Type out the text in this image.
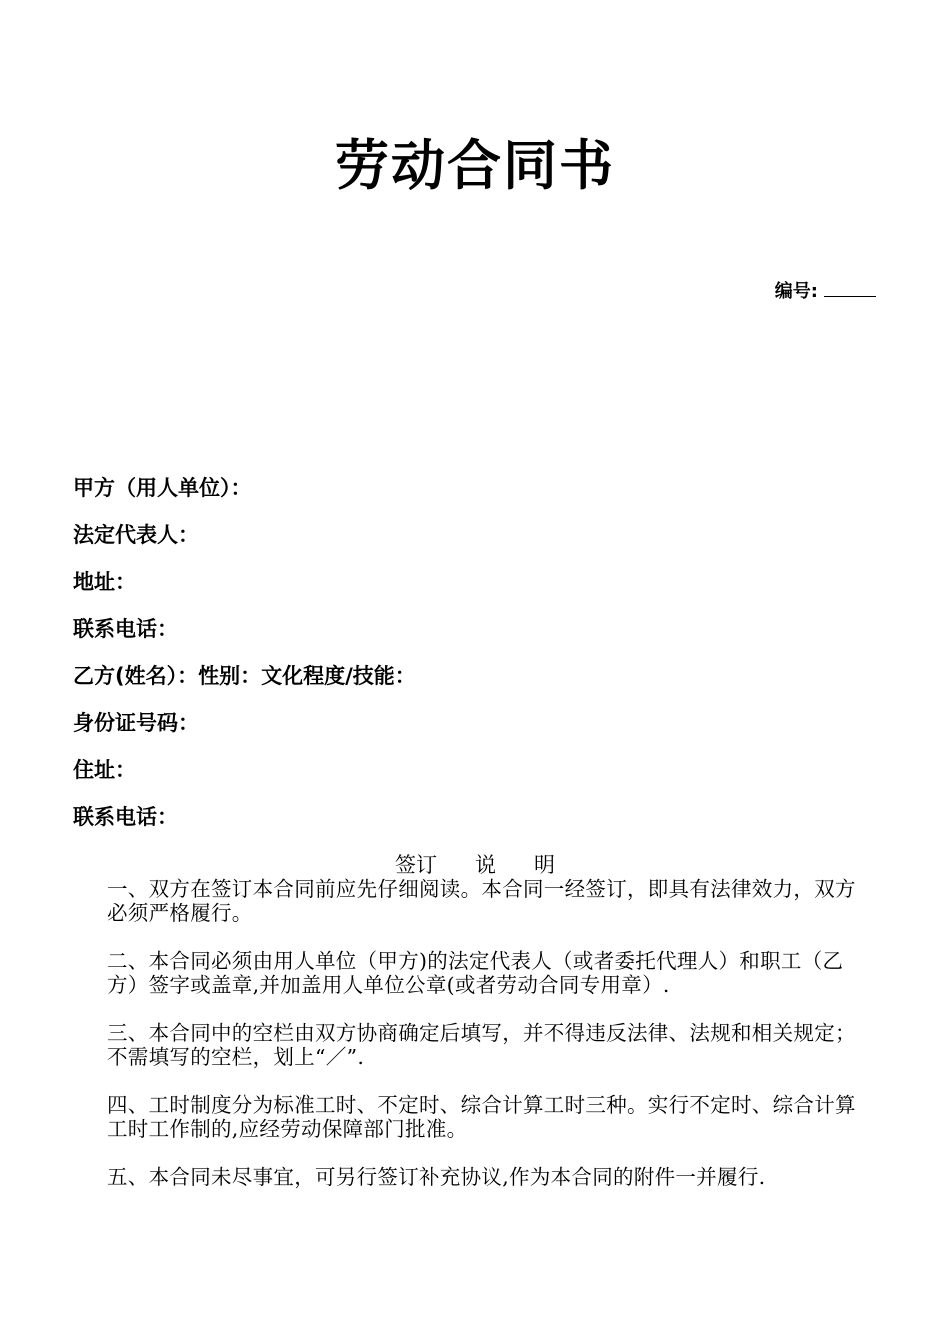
劳动合同书
编号:
甲方（用人单位）：
法定代表人：
地址：
联系电话：
乙方(姓名）：性别：文化程度/技能：
身份证号码：
住址：
联系电话：
签订 说 明

一、双方在签订本合同前应先仔细阅读。本合同一经签订，即具有法律效力，双方必须严格履行。

二、本合同必须由用人单位（甲方)的法定代表人（或者委托代理人）和职工（乙方）签字或盖章,并加盖用人单位公章(或者劳动合同专用章）.

三、本合同中的空栏由双方协商确定后填写，并不得违反法律、法规和相关规定；不需填写的空栏，划上“／”.

四、工时制度分为标准工时、不定时、综合计算工时三种。实行不定时、综合计算工时工作制的,应经劳动保障部门批准。

五、本合同未尽事宜，可另行签订补充协议,作为本合同的附件一并履行.
